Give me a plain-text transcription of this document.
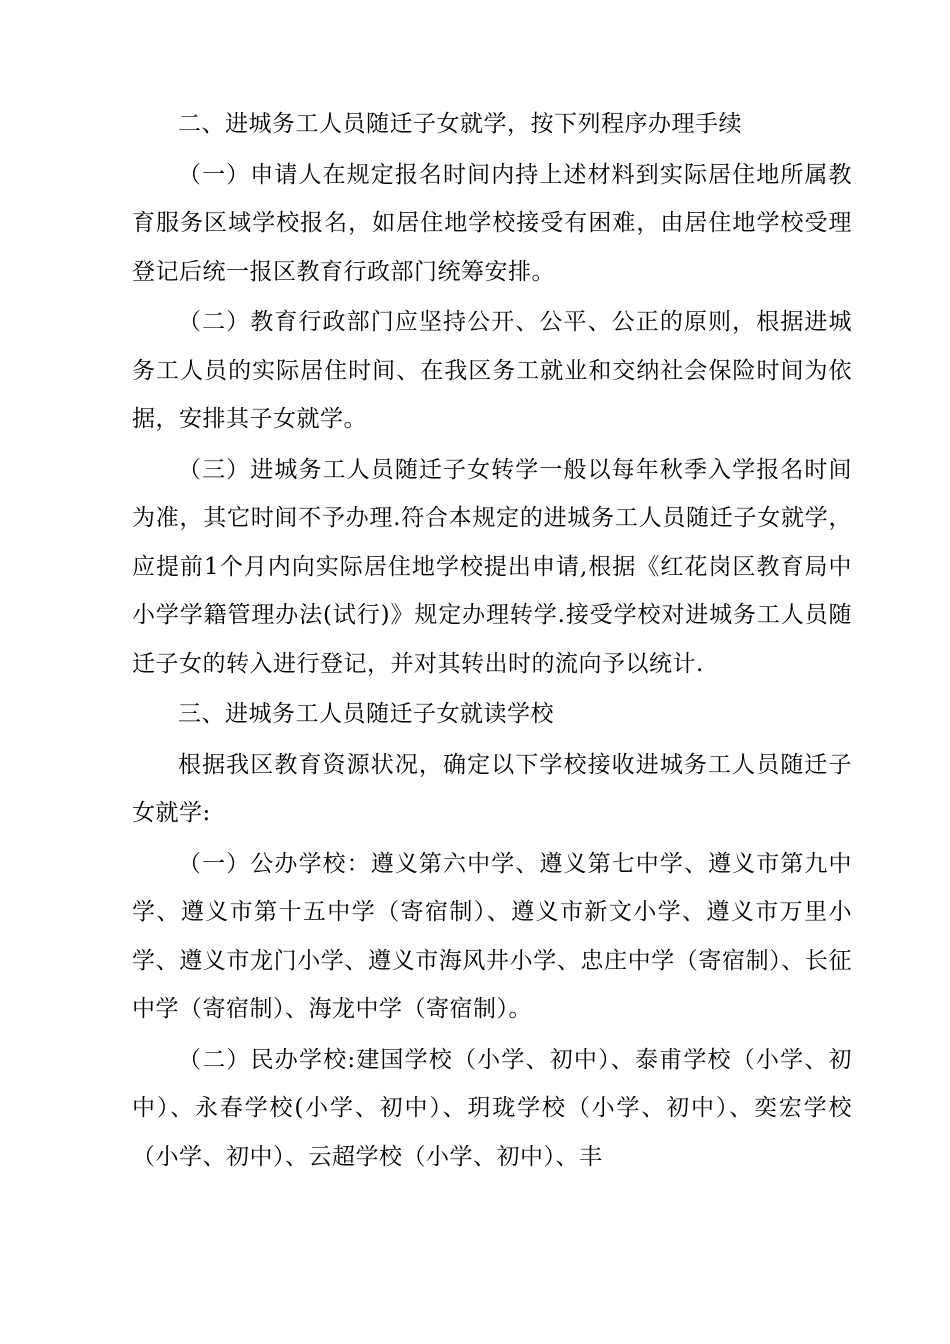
二、进城务工人员随迁子女就学，按下列程序办理手续

（一）申请人在规定报名时间内持上述材料到实际居住地所属教育服务区域学校报名，如居住地学校接受有困难，由居住地学校受理登记后统一报区教育行政部门统筹安排。

（二）教育行政部门应坚持公开、公平、公正的原则，根据进城务工人员的实际居住时间、在我区务工就业和交纳社会保险时间为依据，安排其子女就学。

（三）进城务工人员随迁子女转学一般以每年秋季入学报名时间为准，其它时间不予办理.符合本规定的进城务工人员随迁子女就学，应提前1个月内向实际居住地学校提出申请,根据《红花岗区教育局中小学学籍管理办法(试行)》规定办理转学.接受学校对进城务工人员随迁子女的转入进行登记，并对其转出时的流向予以统计.

三、进城务工人员随迁子女就读学校

根据我区教育资源状况，确定以下学校接收进城务工人员随迁子女就学:

（一）公办学校：遵义第六中学、遵义第七中学、遵义市第九中学、遵义市第十五中学（寄宿制）、遵义市新文小学、遵义市万里小学、遵义市龙门小学、遵义市海风井小学、忠庄中学（寄宿制）、长征中学（寄宿制）、海龙中学（寄宿制）。

（二）民办学校:建国学校（小学、初中）、泰甫学校（小学、初中）、永春学校(小学、初中）、玥珑学校（小学、初中）、奕宏学校（小学、初中）、云超学校（小学、初中）、丰
